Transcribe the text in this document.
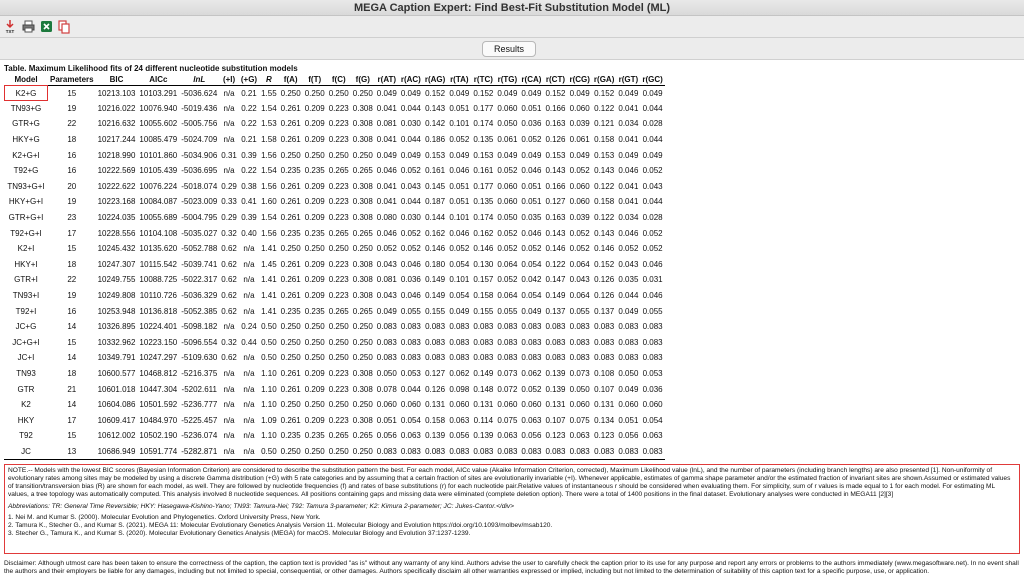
MEGA Caption Expert: Find Best-Fit Substitution Model (ML)
TXT
Results
Table. Maximum Likelihood fits of 24 different nucleotide substitution models
Model	Parameters	BIC	AICc	lnL	(+I)	(+G)	R	f(A)	f(T)	f(C)	f(G)	r(AT)	r(AC)	r(AG)	r(TA)	r(TC)	r(TG)	r(CA)	r(CT)	r(CG)	r(GA)	r(GT)	r(GC)
K2+G	15	10213.103	10103.291	-5036.624	n/a	0.21	1.55	0.250	0.250	0.250	0.250	0.049	0.049	0.152	0.049	0.152	0.049	0.049	0.152	0.049	0.152	0.049	0.049
TN93+G	19	10216.022	10076.940	-5019.436	n/a	0.22	1.54	0.261	0.209	0.223	0.308	0.041	0.044	0.143	0.051	0.177	0.060	0.051	0.166	0.060	0.122	0.041	0.044
GTR+G	22	10216.632	10055.602	-5005.756	n/a	0.22	1.53	0.261	0.209	0.223	0.308	0.081	0.030	0.142	0.101	0.174	0.050	0.036	0.163	0.039	0.121	0.034	0.028
HKY+G	18	10217.244	10085.479	-5024.709	n/a	0.21	1.58	0.261	0.209	0.223	0.308	0.041	0.044	0.186	0.052	0.135	0.061	0.052	0.126	0.061	0.158	0.041	0.044
K2+G+I	16	10218.990	10101.860	-5034.906	0.31	0.39	1.56	0.250	0.250	0.250	0.250	0.049	0.049	0.153	0.049	0.153	0.049	0.049	0.153	0.049	0.153	0.049	0.049
T92+G	16	10222.569	10105.439	-5036.695	n/a	0.22	1.54	0.235	0.235	0.265	0.265	0.046	0.052	0.161	0.046	0.161	0.052	0.046	0.143	0.052	0.143	0.046	0.052
TN93+G+I	20	10222.622	10076.224	-5018.074	0.29	0.38	1.56	0.261	0.209	0.223	0.308	0.041	0.043	0.145	0.051	0.177	0.060	0.051	0.166	0.060	0.122	0.041	0.043
HKY+G+I	19	10223.168	10084.087	-5023.009	0.33	0.41	1.60	0.261	0.209	0.223	0.308	0.041	0.044	0.187	0.051	0.135	0.060	0.051	0.127	0.060	0.158	0.041	0.044
GTR+G+I	23	10224.035	10055.689	-5004.795	0.29	0.39	1.54	0.261	0.209	0.223	0.308	0.080	0.030	0.144	0.101	0.174	0.050	0.035	0.163	0.039	0.122	0.034	0.028
T92+G+I	17	10228.556	10104.108	-5035.027	0.32	0.40	1.56	0.235	0.235	0.265	0.265	0.046	0.052	0.162	0.046	0.162	0.052	0.046	0.143	0.052	0.143	0.046	0.052
K2+I	15	10245.432	10135.620	-5052.788	0.62	n/a	1.41	0.250	0.250	0.250	0.250	0.052	0.052	0.146	0.052	0.146	0.052	0.052	0.146	0.052	0.146	0.052	0.052
HKY+I	18	10247.307	10115.542	-5039.741	0.62	n/a	1.45	0.261	0.209	0.223	0.308	0.043	0.046	0.180	0.054	0.130	0.064	0.054	0.122	0.064	0.152	0.043	0.046
GTR+I	22	10249.755	10088.725	-5022.317	0.62	n/a	1.41	0.261	0.209	0.223	0.308	0.081	0.036	0.149	0.101	0.157	0.052	0.042	0.147	0.043	0.126	0.035	0.031
TN93+I	19	10249.808	10110.726	-5036.329	0.62	n/a	1.41	0.261	0.209	0.223	0.308	0.043	0.046	0.149	0.054	0.158	0.064	0.054	0.149	0.064	0.126	0.044	0.046
T92+I	16	10253.948	10136.818	-5052.385	0.62	n/a	1.41	0.235	0.235	0.265	0.265	0.049	0.055	0.155	0.049	0.155	0.055	0.049	0.137	0.055	0.137	0.049	0.055
JC+G	14	10326.895	10224.401	-5098.182	n/a	0.24	0.50	0.250	0.250	0.250	0.250	0.083	0.083	0.083	0.083	0.083	0.083	0.083	0.083	0.083	0.083	0.083	0.083
JC+G+I	15	10332.962	10223.150	-5096.554	0.32	0.44	0.50	0.250	0.250	0.250	0.250	0.083	0.083	0.083	0.083	0.083	0.083	0.083	0.083	0.083	0.083	0.083	0.083
JC+I	14	10349.791	10247.297	-5109.630	0.62	n/a	0.50	0.250	0.250	0.250	0.250	0.083	0.083	0.083	0.083	0.083	0.083	0.083	0.083	0.083	0.083	0.083	0.083
TN93	18	10600.577	10468.812	-5216.375	n/a	n/a	1.10	0.261	0.209	0.223	0.308	0.050	0.053	0.127	0.062	0.149	0.073	0.062	0.139	0.073	0.108	0.050	0.053
GTR	21	10601.018	10447.304	-5202.611	n/a	n/a	1.10	0.261	0.209	0.223	0.308	0.078	0.044	0.126	0.098	0.148	0.072	0.052	0.139	0.050	0.107	0.049	0.036
K2	14	10604.086	10501.592	-5236.777	n/a	n/a	1.10	0.250	0.250	0.250	0.250	0.060	0.060	0.131	0.060	0.131	0.060	0.060	0.131	0.060	0.131	0.060	0.060
HKY	17	10609.417	10484.970	-5225.457	n/a	n/a	1.09	0.261	0.209	0.223	0.308	0.051	0.054	0.158	0.063	0.114	0.075	0.063	0.107	0.075	0.134	0.051	0.054
T92	15	10612.002	10502.190	-5236.074	n/a	n/a	1.10	0.235	0.235	0.265	0.265	0.056	0.063	0.139	0.056	0.139	0.063	0.056	0.123	0.063	0.123	0.056	0.063
JC	13	10686.949	10591.774	-5282.871	n/a	n/a	0.50	0.250	0.250	0.250	0.250	0.083	0.083	0.083	0.083	0.083	0.083	0.083	0.083	0.083	0.083	0.083	0.083

NOTE.-- Models with the lowest BIC scores (Bayesian Information Criterion) are considered to describe the substitution pattern the best. For each model, AICc value (Akaike Information Criterion, corrected), Maximum Likelihood value (lnL), and the number of parameters (including branch lengths) are also presented [1]. Non-uniformity of evolutionary rates among sites may be modeled by using a discrete Gamma distribution (+G) with 5 rate categories and by assuming that a certain fraction of sites are evolutionarily invariable (+I). Whenever applicable, estimates of gamma shape parameter and/or the estimated fraction of invariant sites are shown.Assumed or estimated values of transition/transversion bias (R) are shown for each model, as well. They are followed by nucleotide frequencies (f) and rates of base substitutions (r) for each nucleotide pair.Relative values of instantaneous r should be considered when evaluating them. For simplicity, sum of r values is made equal to 1 for each model. For estimating ML values, a tree topology was automatically computed. This analysis involved 8 nucleotide sequences. All positions containing gaps and missing data were eliminated (complete deletion option). There were a total of 1400 positions in the final dataset. Evolutionary analyses were conducted in MEGA11 [2][3]

Abbreviations: TR: General Time Reversible; HKY: Hasegawa-Kishino-Yano; TN93: Tamura-Nei; T92: Tamura 3-parameter; K2: Kimura 2-parameter; JC: Jukes-Cantor.</div>

1. Nei M. and Kumar S. (2000). Molecular Evolution and Phylogenetics. Oxford University Press, New York.

2. Tamura K., Stecher G., and Kumar S. (2021). MEGA 11: Molecular Evolutionary Genetics Analysis Version 11. Molecular Biology and Evolution https://doi.org/10.1093/molbev/msab120.

3. Stecher G., Tamura K., and Kumar S. (2020). Molecular Evolutionary Genetics Analysis (MEGA) for macOS. Molecular Biology and Evolution 37:1237-1239.

Disclaimer: Although utmost care has been taken to ensure the correctness of the caption, the caption text is provided "as is" without any warranty of any kind. Authors advise the user to carefully check the caption prior to its use for any purpose and report any errors or problems to the authors immediately (www.megasoftware.net). In no event shall the authors and their employers be liable for any damages, including but not limited to special, consequential, or other damages. Authors specifically disclaim all other warranties expressed or implied, including but not limited to the determination of suitability of this caption text for a specific purpose, use, or application.
